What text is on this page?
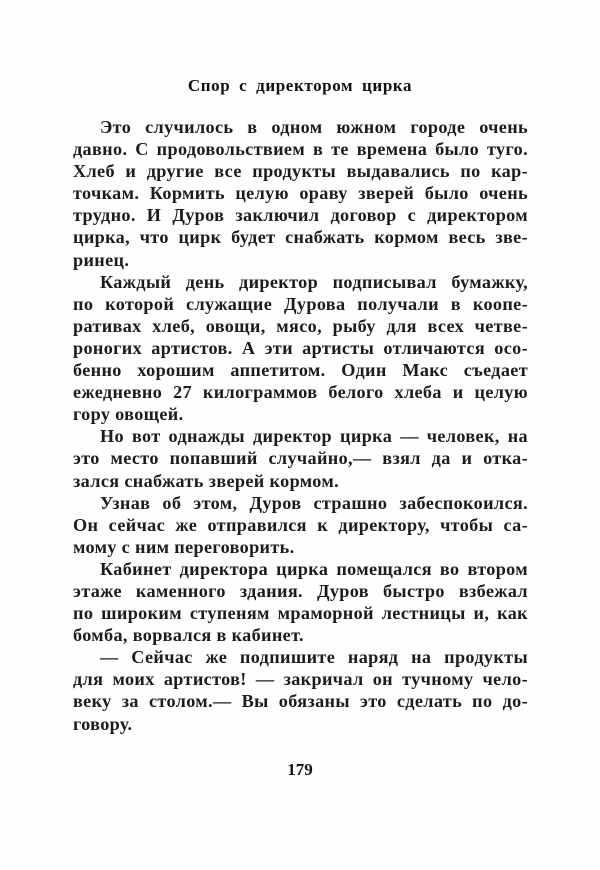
Спор с директором цирка
Это случилось в одном южном городе очень
давно. С продовольствием в те времена было туго.
Хлеб и другие все продукты выдавались по кар-
точкам. Кормить целую ораву зверей было очень
трудно. И Дуров заключил договор с директором
цирка, что цирк будет снабжать кормом весь зве-
ринец.
Каждый день директор подписывал бумажку,
по которой служащие Дурова получали в коопе-
ративах хлеб, овощи, мясо, рыбу для всех четве-
роногих артистов. А эти артисты отличаются осо-
бенно хорошим аппетитом. Один Макс съедает
ежедневно 27 килограммов белого хлеба и целую
гору овощей.
Но вот однажды директор цирка — человек, на
это место попавший случайно,— взял да и отка-
зался снабжать зверей кормом.
Узнав об этом, Дуров страшно забеспокоился.
Он сейчас же отправился к директору, чтобы са-
мому с ним переговорить.
Кабинет директора цирка помещался во втором
этаже каменного здания. Дуров быстро взбежал
по широким ступеням мраморной лестницы и, как
бомба, ворвался в кабинет.
— Сейчас же подпишите наряд на продукты
для моих артистов! — закричал он тучному чело-
веку за столом.— Вы обязаны это сделать по до-
говору.
179
